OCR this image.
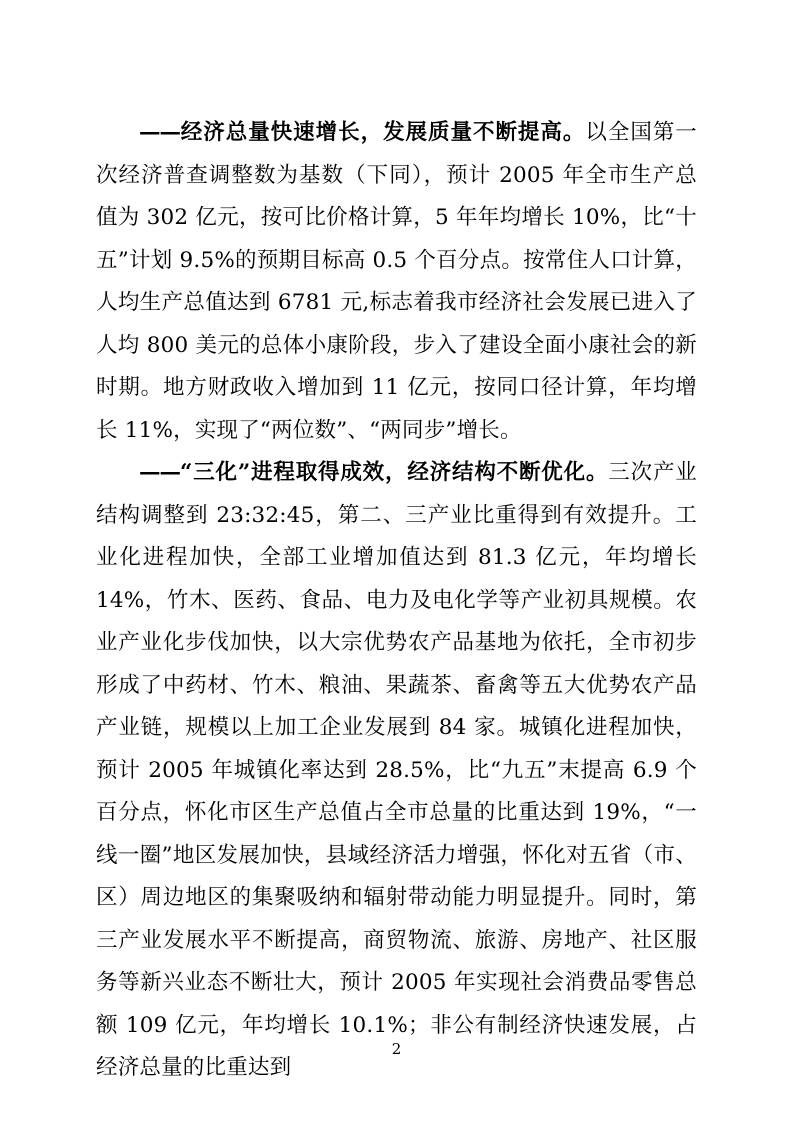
——经济总量快速增长，发展质量不断提高。以全国第一次经济普查调整数为基数（下同），预计 2005 年全市生产总值为 302 亿元，按可比价格计算，5 年年均增长 10%，比“十五”计划 9.5%的预期目标高 0.5 个百分点。按常住人口计算，人均生产总值达到 6781 元,标志着我市经济社会发展已进入了人均 800 美元的总体小康阶段，步入了建设全面小康社会的新时期。地方财政收入增加到 11 亿元，按同口径计算，年均增长 11%，实现了“两位数”、“两同步”增长。

——“三化”进程取得成效，经济结构不断优化。三次产业结构调整到 23:32:45，第二、三产业比重得到有效提升。工业化进程加快，全部工业增加值达到 81.3 亿元，年均增长 14%，竹木、医药、食品、电力及电化学等产业初具规模。农业产业化步伐加快，以大宗优势农产品基地为依托，全市初步形成了中药材、竹木、粮油、果蔬茶、畜禽等五大优势农产品产业链，规模以上加工企业发展到 84 家。城镇化进程加快，预计 2005 年城镇化率达到 28.5%，比“九五”末提高 6.9 个百分点，怀化市区生产总值占全市总量的比重达到 19%，“一线一圈”地区发展加快，县域经济活力增强，怀化对五省（市、区）周边地区的集聚吸纳和辐射带动能力明显提升。同时，第三产业发展水平不断提高，商贸物流、旅游、房地产、社区服务等新兴业态不断壮大，预计 2005 年实现社会消费品零售总额 109 亿元，年均增长 10.1%；非公有制经济快速发展，占经济总量的比重达到

2
